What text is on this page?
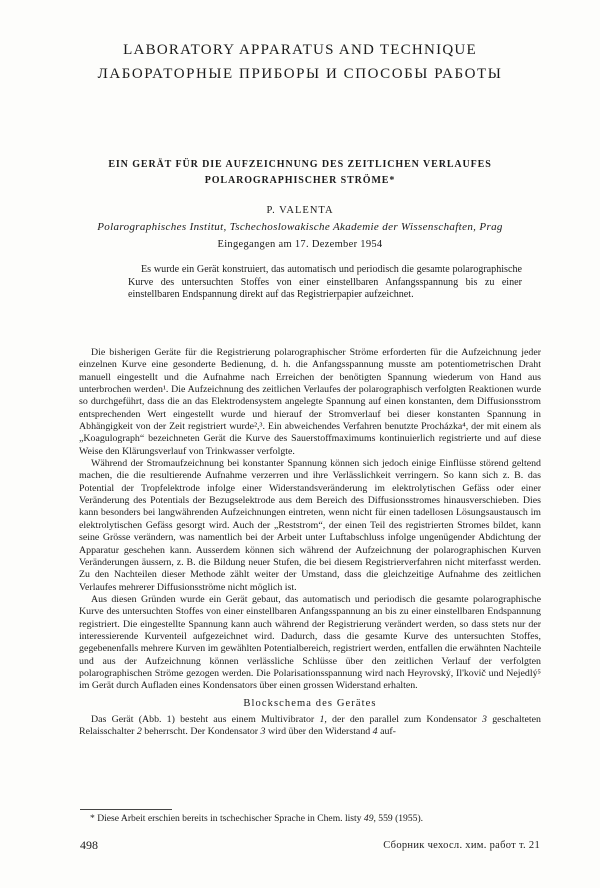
LABORATORY APPARATUS AND TECHNIQUE
ЛАБОРАТОРНЫЕ ПРИБОРЫ И СПОСОБЫ РАБОТЫ
EIN GERÄT FÜR DIE AUFZEICHNUNG DES ZEITLICHEN VERLAUFES
POLAROGRAPHISCHER STRÖME*
P. VALENTA
Polarographisches Institut, Tschechoslowakische Akademie der Wissenschaften, Prag
Eingegangen am 17. Dezember 1954
Es wurde ein Gerät konstruiert, das automatisch und periodisch die gesamte polarographische Kurve des untersuchten Stoffes von einer einstellbaren Anfangsspannung bis zu einer einstellbaren Endspannung direkt auf das Registrierpapier aufzeichnet.

Die bisherigen Geräte für die Registrierung polarographischer Ströme erforderten für die Aufzeichnung jeder einzelnen Kurve eine gesonderte Bedienung, d. h. die Anfangsspannung musste am potentiometrischen Draht manuell eingestellt und die Aufnahme nach Erreichen der benötigten Spannung wiederum von Hand aus unterbrochen werden¹. Die Aufzeichnung des zeitlichen Verlaufes der polarographisch verfolgten Reaktionen wurde so durchgeführt, dass die an das Elektrodensystem angelegte Spannung auf einen konstanten, dem Diffusionsstrom entsprechenden Wert eingestellt wurde und hierauf der Stromverlauf bei dieser konstanten Spannung in Abhängigkeit von der Zeit registriert wurde²,³. Ein abweichendes Verfahren benutzte Procházka⁴, der mit einem als „Koagulograph“ bezeichneten Gerät die Kurve des Sauerstoffmaximums kontinuierlich registrierte und auf diese Weise den Klärungsverlauf von Trinkwasser verfolgte.

Während der Stromaufzeichnung bei konstanter Spannung können sich jedoch einige Einflüsse störend geltend machen, die die resultierende Aufnahme verzerren und ihre Verlässlichkeit verringern. So kann sich z. B. das Potential der Tropfelektrode infolge einer Widerstandsveränderung im elektrolytischen Gefäss oder einer Veränderung des Potentials der Bezugselektrode aus dem Bereich des Diffusionsstromes hinausverschieben. Dies kann besonders bei langwährenden Aufzeichnungen eintreten, wenn nicht für einen tadellosen Lösungsaustausch im elektrolytischen Gefäss gesorgt wird. Auch der „Reststrom“, der einen Teil des registrierten Stromes bildet, kann seine Grösse verändern, was namentlich bei der Arbeit unter Luftabschluss infolge ungenügender Abdichtung der Apparatur geschehen kann. Ausserdem können sich während der Aufzeichnung der polarographischen Kurven Veränderungen äussern, z. B. die Bildung neuer Stufen, die bei diesem Registrierverfahren nicht miterfasst werden. Zu den Nachteilen dieser Methode zählt weiter der Umstand, dass die gleichzeitige Aufnahme des zeitlichen Verlaufes mehrerer Diffusionsströme nicht möglich ist.

Aus diesen Gründen wurde ein Gerät gebaut, das automatisch und periodisch die gesamte polarographische Kurve des untersuchten Stoffes von einer einstellbaren Anfangsspannung an bis zu einer einstellbaren Endspannung registriert. Die eingestellte Spannung kann auch während der Registrierung verändert werden, so dass stets nur der interessierende Kurventeil aufgezeichnet wird. Dadurch, dass die gesamte Kurve des untersuchten Stoffes, gegebenenfalls mehrere Kurven im gewählten Potentialbereich, registriert werden, entfallen die erwähnten Nachteile und aus der Aufzeichnung können verlässliche Schlüsse über den zeitlichen Verlauf der verfolgten polarographischen Ströme gezogen werden. Die Polarisationsspannung wird nach Heyrovský, Il'kovič und Nejedlý⁵ im Gerät durch Aufladen eines Kondensators über einen grossen Widerstand erhalten.

Blockschema des Gerätes

Das Gerät (Abb. 1) besteht aus einem Multivibrator 1, der den parallel zum Kondensator 3 geschalteten Relaisschalter 2 beherrscht. Der Kondensator 3 wird über den Widerstand 4 auf-

* Diese Arbeit erschien bereits in tschechischer Sprache in Chem. listy 49, 559 (1955).
498	Сборник чехосл. хим. работ т. 21
